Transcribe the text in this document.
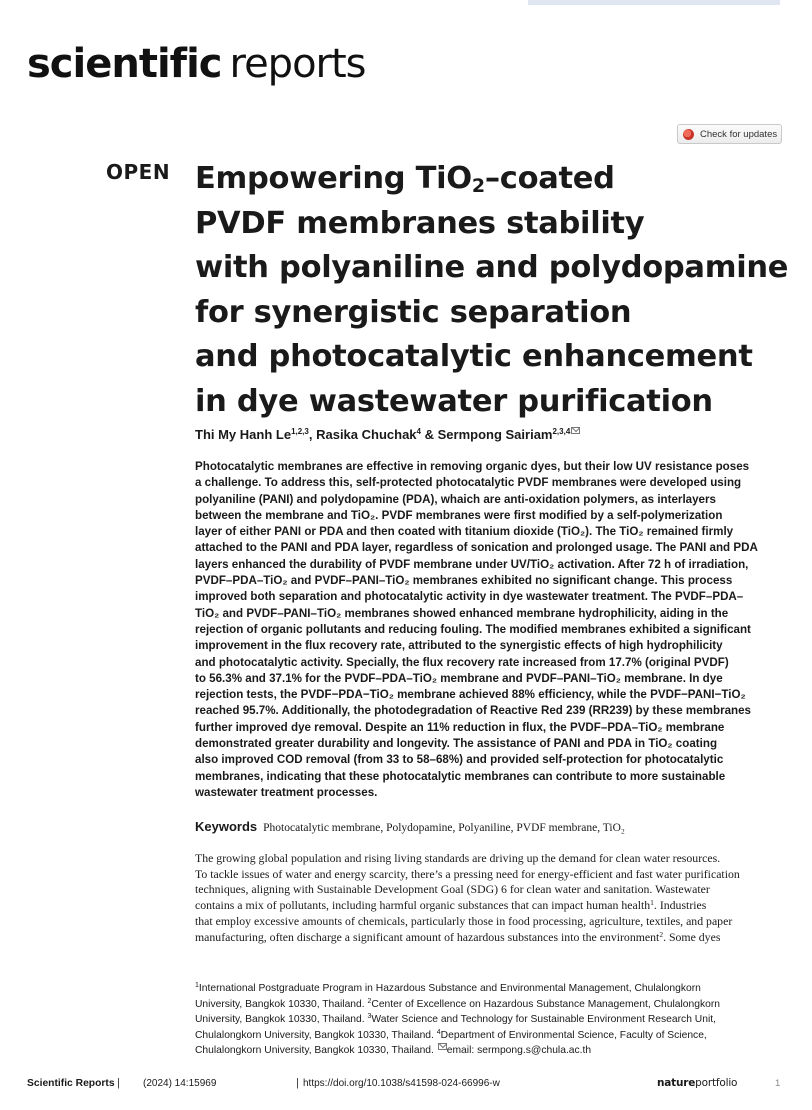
scientific reports
Check for updates
OPEN Empowering TiO$_2$–coated
PVDF membranes stability
with polyaniline and polydopamine
for synergistic separation
and photocatalytic enhancement
in dye wastewater purification
Thi My Hanh Le$^{1,2,3}$, Rasika Chuchak$^4$ & Sermpong Sairiam$^{2,3,4}$
Photocatalytic membranes are effective in removing organic dyes, but their low UV resistance poses
a challenge. To address this, self-protected photocatalytic PVDF membranes were developed using
polyaniline (PANI) and polydopamine (PDA), whaich are anti-oxidation polymers, as interlayers
between the membrane and TiO₂. PVDF membranes were first modified by a self-polymerization
layer of either PANI or PDA and then coated with titanium dioxide (TiO₂). The TiO₂ remained firmly
attached to the PANI and PDA layer, regardless of sonication and prolonged usage. The PANI and PDA
layers enhanced the durability of PVDF membrane under UV/TiO₂ activation. After 72 h of irradiation,
PVDF–PDA–TiO₂ and PVDF–PANI–TiO₂ membranes exhibited no significant change. This process
improved both separation and photocatalytic activity in dye wastewater treatment. The PVDF–PDA–
TiO₂ and PVDF–PANI–TiO₂ membranes showed enhanced membrane hydrophilicity, aiding in the
rejection of organic pollutants and reducing fouling. The modified membranes exhibited a significant
improvement in the flux recovery rate, attributed to the synergistic effects of high hydrophilicity
and photocatalytic activity. Specially, the flux recovery rate increased from 17.7% (original PVDF)
to 56.3% and 37.1% for the PVDF–PDA–TiO₂ membrane and PVDF–PANI–TiO₂ membrane. In dye
rejection tests, the PVDF−PDA−TiO₂ membrane achieved 88% efficiency, while the PVDF−PANI−TiO₂
reached 95.7%. Additionally, the photodegradation of Reactive Red 239 (RR239) by these membranes
further improved dye removal. Despite an 11% reduction in flux, the PVDF–PDA–TiO₂ membrane
demonstrated greater durability and longevity. The assistance of PANI and PDA in TiO₂ coating
also improved COD removal (from 33 to 58–68%) and provided self-protection for photocatalytic
membranes, indicating that these photocatalytic membranes can contribute to more sustainable
wastewater treatment processes.
Keywords Photocatalytic membrane, Polydopamine, Polyaniline, PVDF membrane, TiO₂
The growing global population and rising living standards are driving up the demand for clean water resources.
To tackle issues of water and energy scarcity, there’s a pressing need for energy-efficient and fast water purification
techniques, aligning with Sustainable Development Goal (SDG) 6 for clean water and sanitation. Wastewater
contains a mix of pollutants, including harmful organic substances that can impact human health$^1$. Industries
that employ excessive amounts of chemicals, particularly those in food processing, agriculture, textiles, and paper
manufacturing, often discharge a significant amount of hazardous substances into the environment$^2$. Some dyes
$^1$International Postgraduate Program in Hazardous Substance and Environmental Management, Chulalongkorn
University, Bangkok 10330, Thailand. $^2$Center of Excellence on Hazardous Substance Management, Chulalongkorn
University, Bangkok 10330, Thailand. $^3$Water Science and Technology for Sustainable Environment Research Unit,
Chulalongkorn University, Bangkok 10330, Thailand. $^4$Department of Environmental Science, Faculty of Science,
Chulalongkorn University, Bangkok 10330, Thailand. email: sermpong.s@chula.ac.th
Scientific Reports | (2024) 14:15969	| https://doi.org/10.1038/s41598-024-66996-w	natureportfolio	1
